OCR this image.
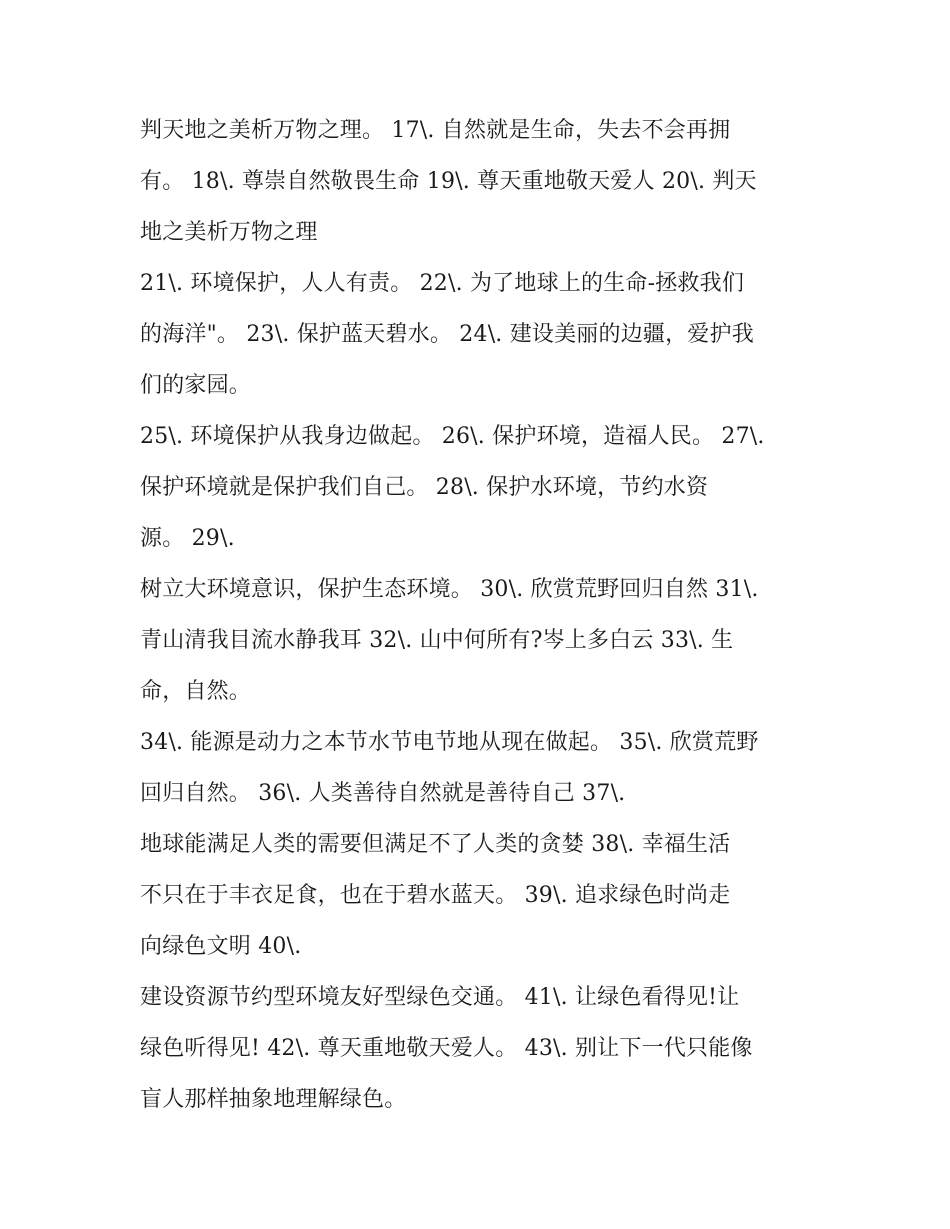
判天地之美析万物之理。 17\. 自然就是生命，失去不会再拥
有。 18\. 尊崇自然敬畏生命 19\. 尊天重地敬天爱人 20\. 判天
地之美析万物之理
21\. 环境保护，人人有责。 22\. 为了地球上的生命-拯救我们
的海洋"。 23\. 保护蓝天碧水。 24\. 建设美丽的边疆，爱护我
们的家园。
25\. 环境保护从我身边做起。 26\. 保护环境，造福人民。 27\.
保护环境就是保护我们自己。 28\. 保护水环境，节约水资
源。 29\.
树立大环境意识，保护生态环境。 30\. 欣赏荒野回归自然 31\.
青山清我目流水静我耳 32\. 山中何所有?岑上多白云 33\. 生
命，自然。
34\. 能源是动力之本节水节电节地从现在做起。 35\. 欣赏荒野
回归自然。 36\. 人类善待自然就是善待自己 37\.
地球能满足人类的需要但满足不了人类的贪婪 38\. 幸福生活
不只在于丰衣足食，也在于碧水蓝天。 39\. 追求绿色时尚走
向绿色文明 40\.
建设资源节约型环境友好型绿色交通。 41\. 让绿色看得见!让
绿色听得见! 42\. 尊天重地敬天爱人。 43\. 别让下一代只能像
盲人那样抽象地理解绿色。
